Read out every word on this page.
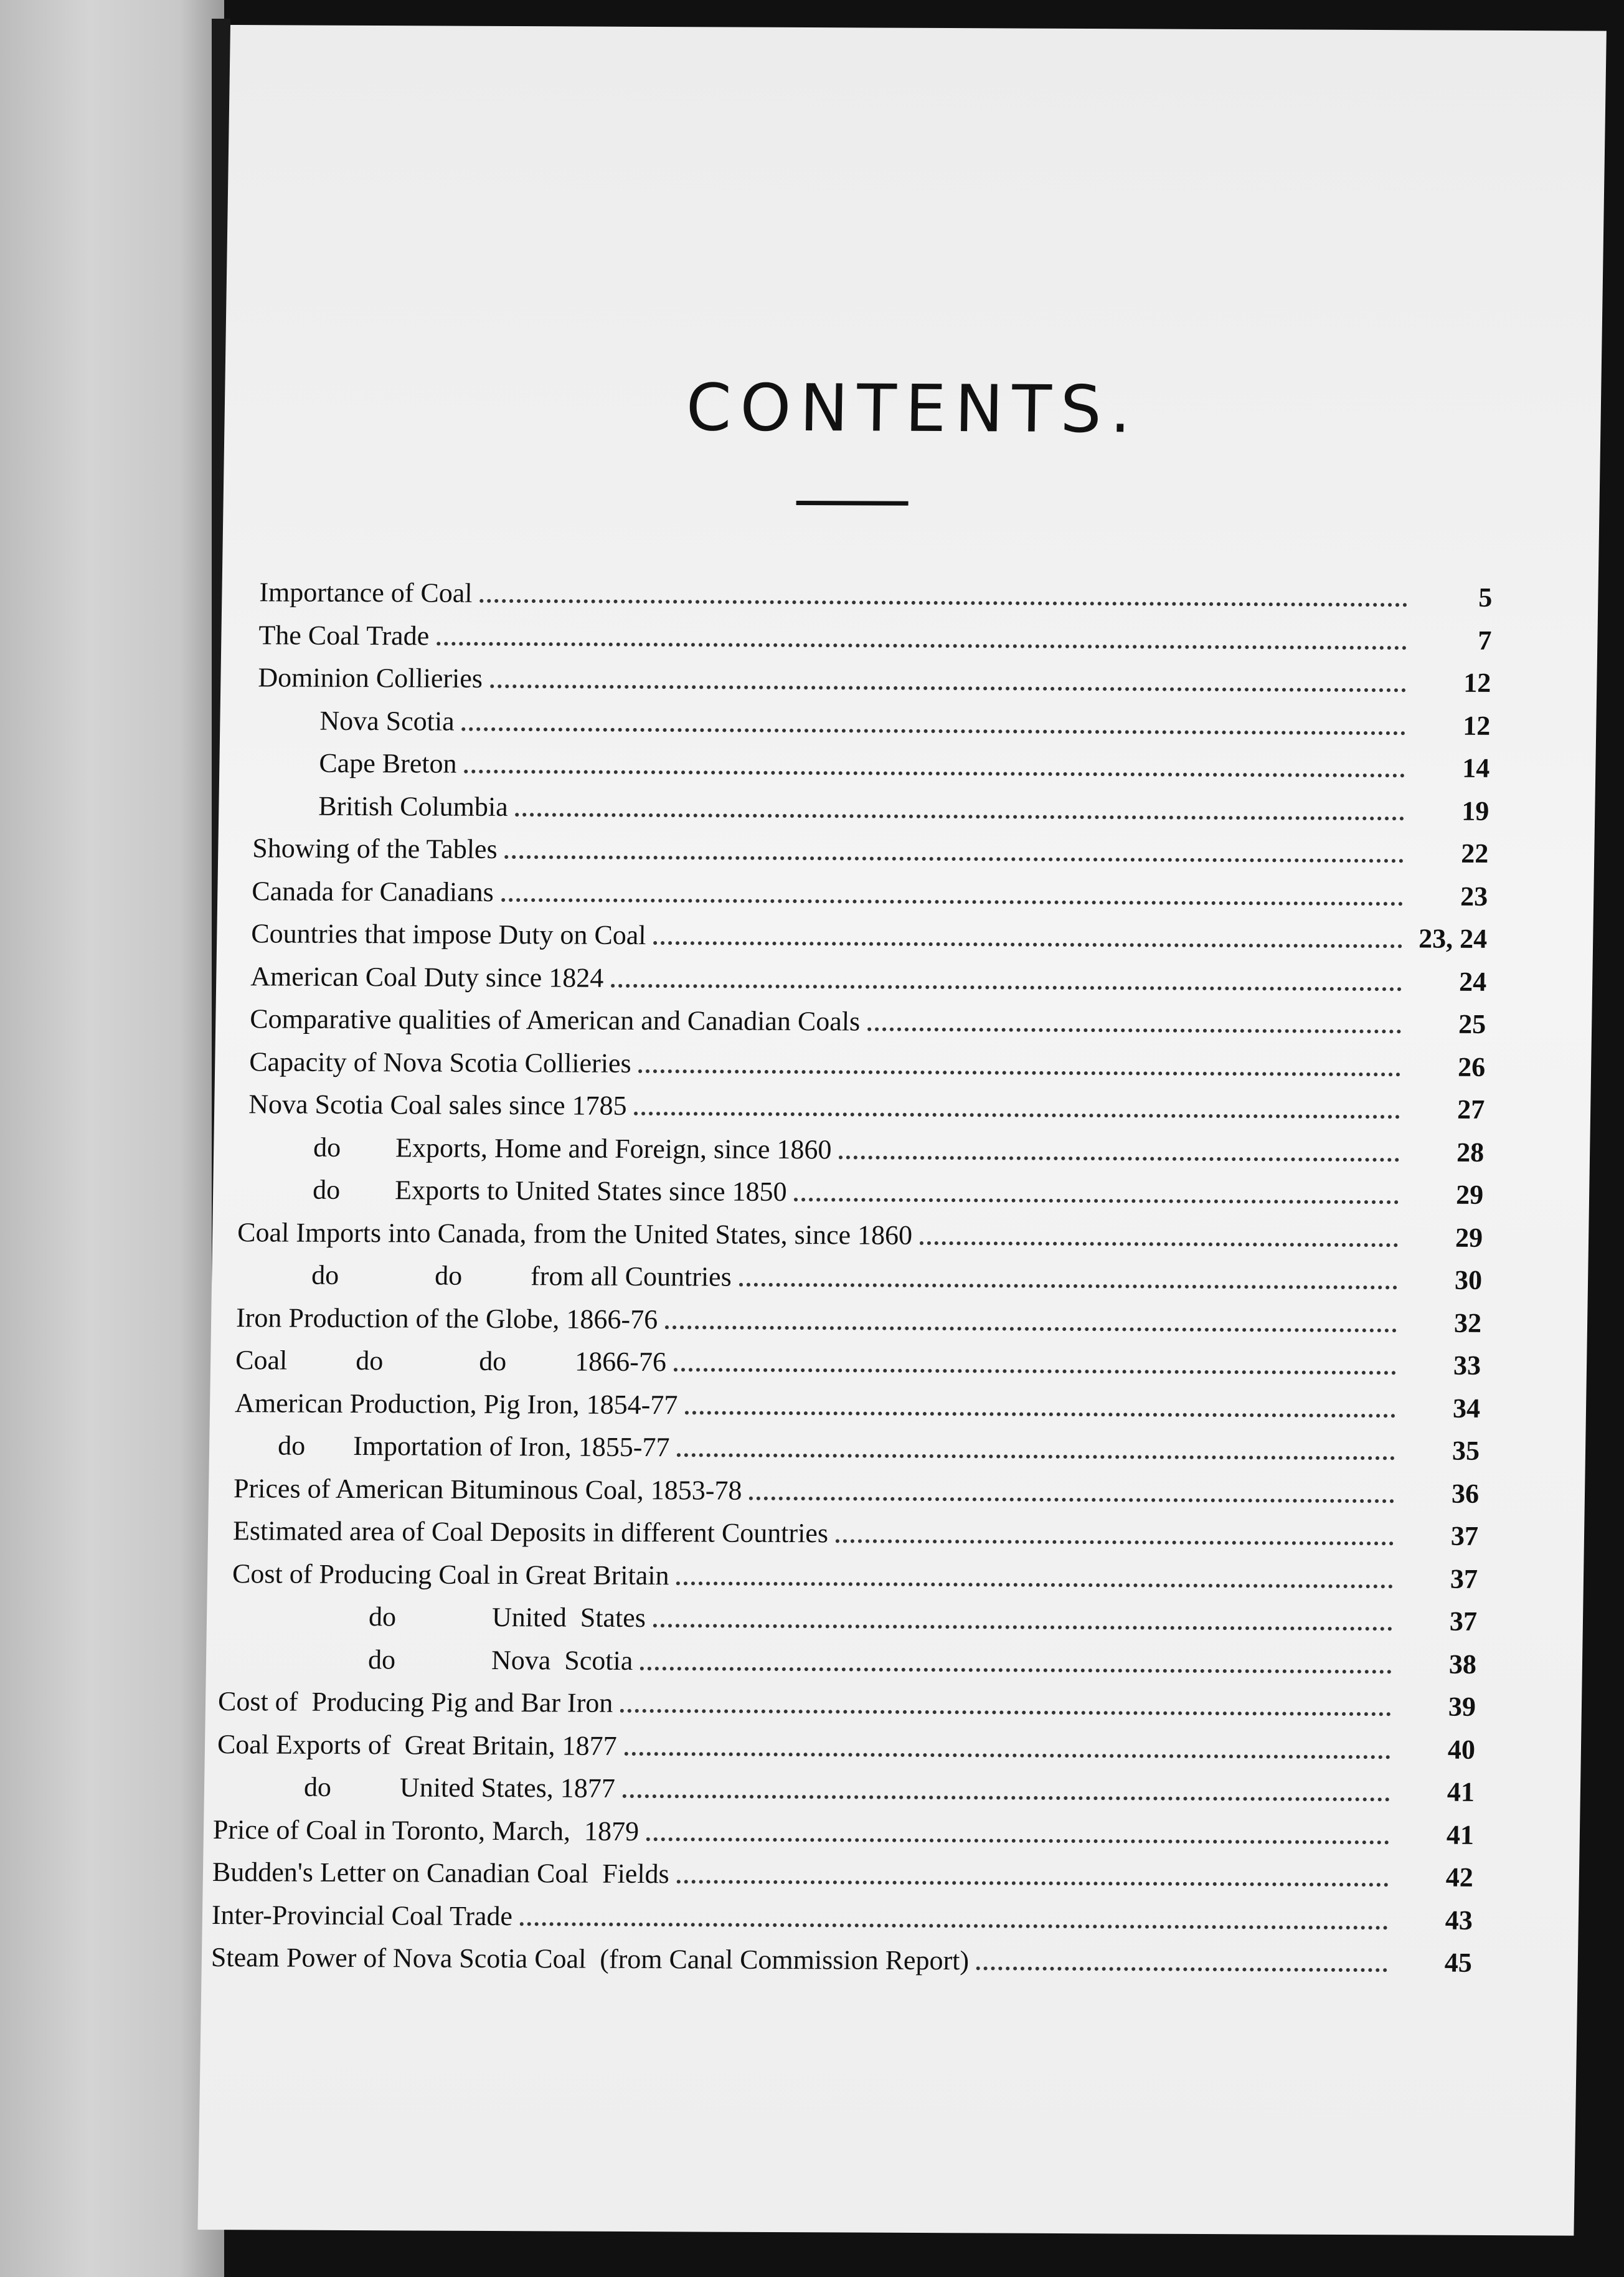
CONTENTS.
Importance of Coal	5
The Coal Trade	7
Dominion Collieries	12
Nova Scotia	12
Cape Breton	14
British Columbia	19
Showing of the Tables	22
Canada for Canadians	23
Countries that impose Duty on Coal	23, 24
American Coal Duty since 1824	24
Comparative qualities of American and Canadian Coals	25
Capacity of Nova Scotia Collieries	26
Nova Scotia Coal sales since 1785	27
do        Exports, Home and Foreign, since 1860	28
do        Exports to United States since 1850	29
Coal Imports into Canada, from the United States, since 1860	29
do              do          from all Countries	30
Iron Production of the Globe, 1866-76	32
Coal          do              do          1866-76	33
American Production, Pig Iron, 1854-77	34
do       Importation of Iron, 1855-77	35
Prices of American Bituminous Coal, 1853-78	36
Estimated area of Coal Deposits in different Countries	37
Cost of Producing Coal in Great Britain	37
do              United  States	37
do              Nova  Scotia	38
Cost of  Producing Pig and Bar Iron	39
Coal Exports of  Great Britain, 1877	40
do          United States, 1877	41
Price of Coal in Toronto, March,  1879	41
Budden's Letter on Canadian Coal  Fields	42
Inter-Provincial Coal Trade	43
Steam Power of Nova Scotia Coal  (from Canal Commission Report)	45
